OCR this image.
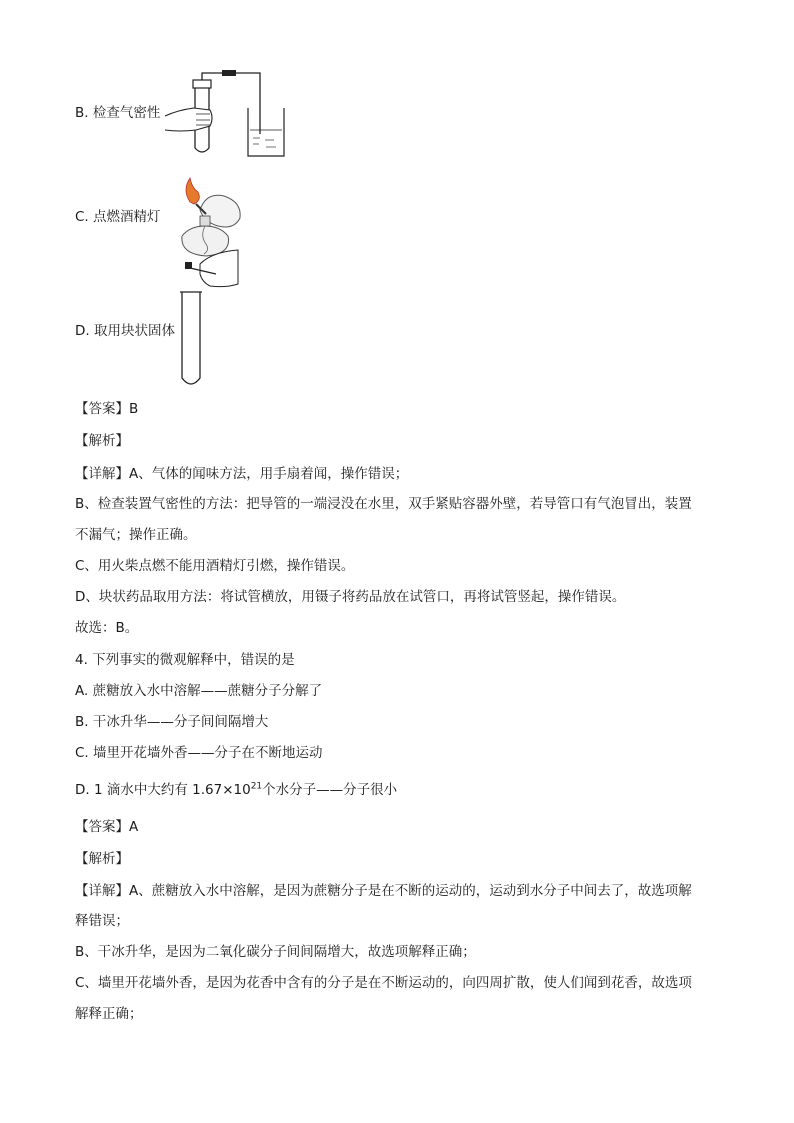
B. 检查气密性
C. 点燃酒精灯
D. 取用块状固体
【答案】B
【解析】
【详解】A、气体的闻味方法，用手扇着闻，操作错误；
B、检查装置气密性的方法：把导管的一端浸没在水里，双手紧贴容器外壁，若导管口有气泡冒出，装置
不漏气；操作正确。
C、用火柴点燃不能用酒精灯引燃，操作错误。
D、块状药品取用方法：将试管横放，用镊子将药品放在试管口，再将试管竖起，操作错误。
故选：B。
4. 下列事实的微观解释中，错误的是
A. 蔗糖放入水中溶解——蔗糖分子分解了
B. 干冰升华——分子间间隔增大
C. 墙里开花墙外香——分子在不断地运动
D. 1 滴水中大约有 $1.67\times 10^{21}$个水分子——分子很小
【答案】A
【解析】
【详解】A、蔗糖放入水中溶解，是因为蔗糖分子是在不断的运动的，运动到水分子中间去了，故选项解
释错误；
B、干冰升华，是因为二氧化碳分子间间隔增大，故选项解释正确；
C、墙里开花墙外香，是因为花香中含有的分子是在不断运动的，向四周扩散，使人们闻到花香，故选项
解释正确；
